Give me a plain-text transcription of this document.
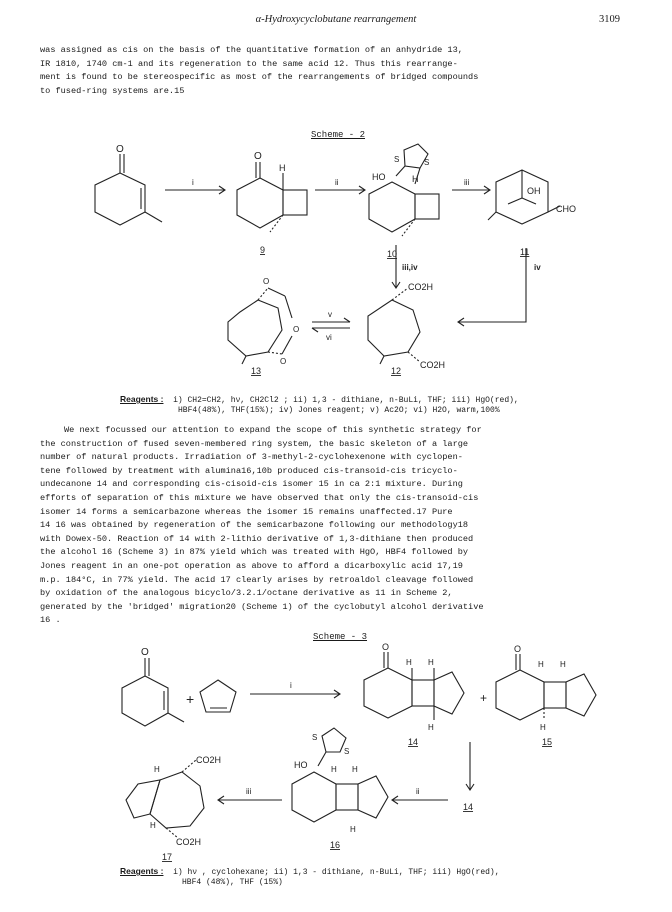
α-Hydroxycyclobutane rearrangement	3109
was assigned as cis on the basis of the quantitative formation of an anhydride 13,
IR 1810, 1740 cm-1 and its regeneration to the same acid 12. Thus this rearrange-
ment is found to be stereospecific as most of the rearrangements of bridged compounds
to fused-ring systems are.15
Scheme - 2
O
i
O
H
9
ii
S	S
HO	H
10
iii
OH
CHO
11
iii,iv	iv
CO2H
CO2H
12
v
vi
O
O
O
13
Reagents : i) CH2=CH2, hν, CH2Cl2 ; ii) 1,3 - dithiane, n-BuLi, THF; iii) HgO(red),
HBF4(48%), THF(15%); iv) Jones reagent; v) Ac2O; vi) H2O, warm,100%
We next focussed our attention to expand the scope of this synthetic strategy for
the construction of fused seven-membered ring system, the basic skeleton of a large
number of natural products. Irradiation of 3-methyl-2-cyclohexenone with cyclopen-
tene followed by treatment with alumina16,10b produced cis-transoid-cis tricyclo-
undecanone 14 and corresponding cis-cisoid-cis isomer 15 in ca 2:1 mixture. During
efforts of separation of this mixture we have observed that only the cis-transoid-cis
isomer 14 forms a semicarbazone whereas the isomer 15 remains unaffected.17 Pure
14 16 was obtained by regeneration of the semicarbazone following our methodology18
with Dowex-50. Reaction of 14 with 2-lithio derivative of 1,3-dithiane then produced
the alcohol 16 (Scheme 3) in 87% yield which was treated with HgO, HBF4 followed by
Jones reagent in an one-pot operation as above to afford a dicarboxylic acid 17,19
m.p. 184°C, in 77% yield. The acid 17 clearly arises by retroaldol cleavage followed
by oxidation of the analogous bicyclo/3.2.1/octane derivative as 11 in Scheme 2,
generated by the 'bridged' migration20 (Scheme 1) of the cyclobutyl alcohol derivative
16 .
Scheme - 3
O
+
i
O
H H
H
14
+
O
H H
H
15
14
ii
S
S
HO	H H
H
16
iii
CO2H
CO2H
H
H
17
Reagents : i) hν , cyclohexane; ii) 1,3 - dithiane, n-BuLi, THF; iii) HgO(red),
HBF4 (48%), THF (15%)
